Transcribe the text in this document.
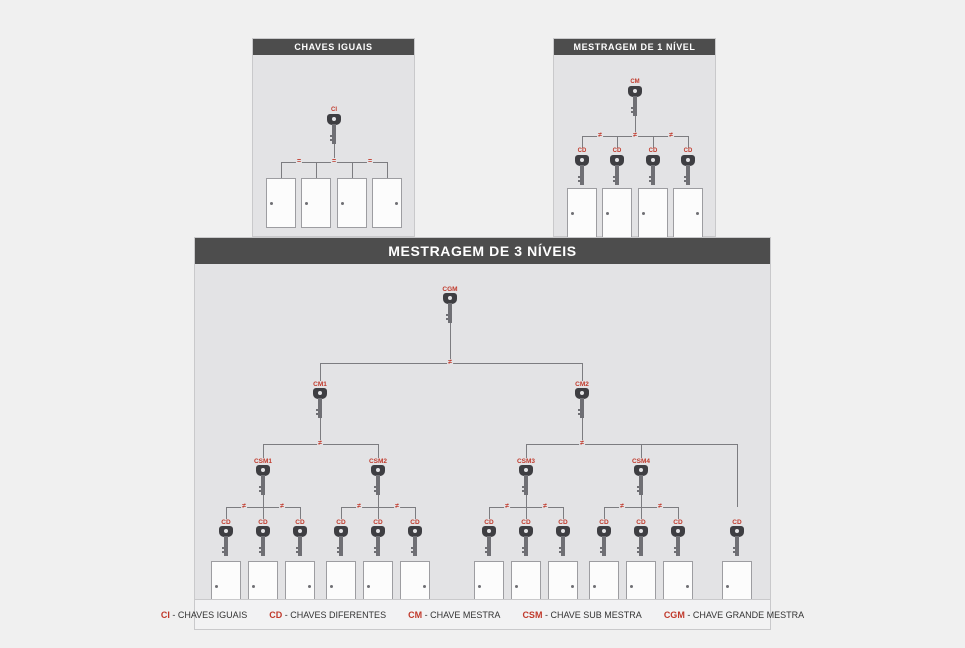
CHAVES IGUAIS
CI
=	=	=
MESTRAGEM DE 1 NÍVEL
CM
≠	≠	≠
CD	CD	CD	CD
MESTRAGEM DE 3 NÍVEIS
CGM
≠
CM1	CM2
≠	≠
CSM1	CSM2	CSM3	CSM4
≠	≠	≠	≠	≠	≠	≠	≠
CD	CD	CD	CD	CD	CD	CD	CD	CD	CD	CD	CD	CD
CI - CHAVES IGUAIS CD - CHAVES DIFERENTES CM - CHAVE MESTRA CSM - CHAVE SUB MESTRA CGM - CHAVE GRANDE MESTRA
